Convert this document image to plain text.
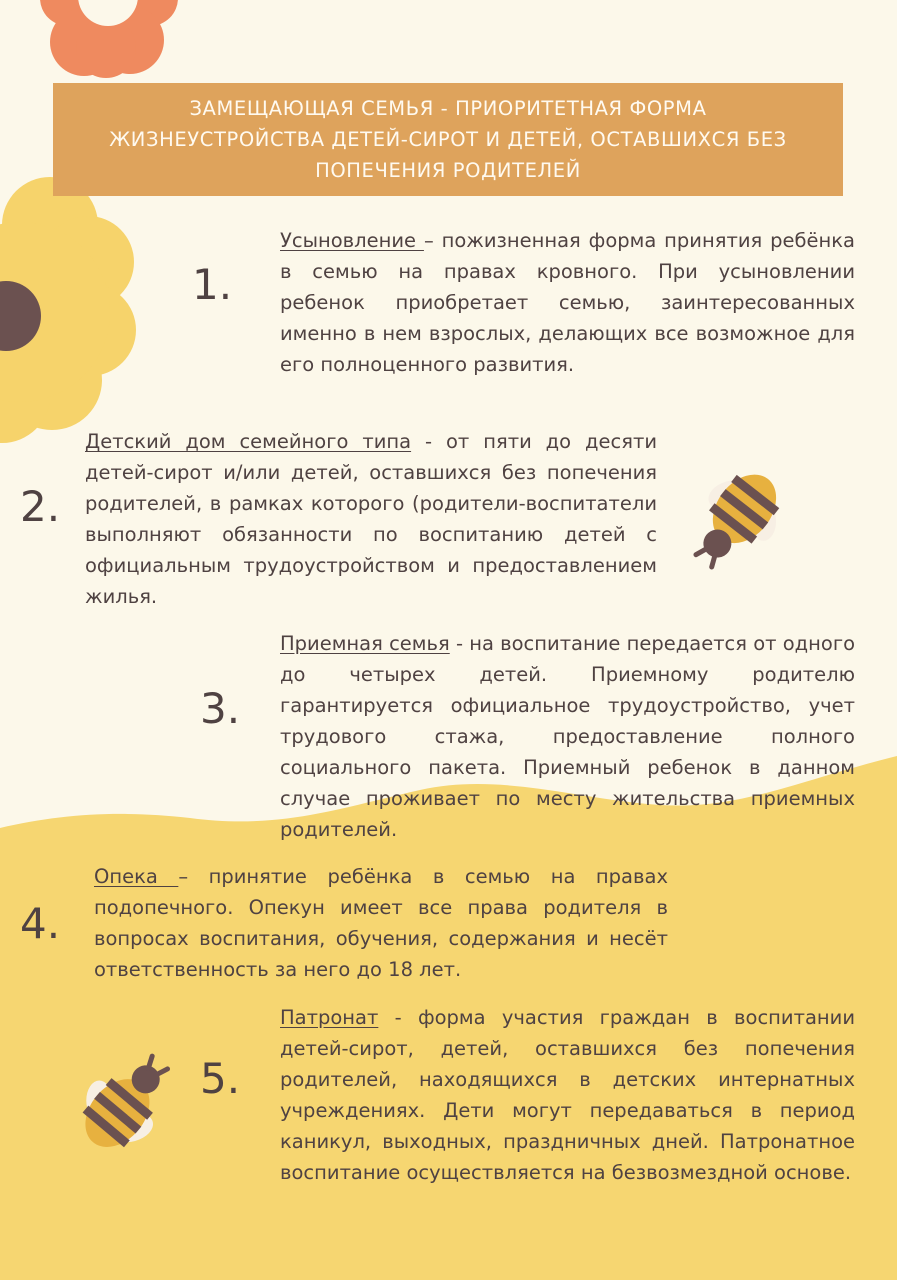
ЗАМЕЩАЮЩАЯ СЕМЬЯ - ПРИОРИТЕТНАЯ ФОРМА
ЖИЗНЕУСТРОЙСТВА ДЕТЕЙ-СИРОТ И ДЕТЕЙ, ОСТАВШИХСЯ БЕЗ
ПОПЕЧЕНИЯ РОДИТЕЛЕЙ
1.
Усыновление – пожизненная форма принятия ребёнка в семью на правах кровного. При усыновлении ребенок приобретает семью, заинтересованных именно в нем взрослых, делающих все возможное для его полноценного развития.
2.
Детский дом семейного типа - от пяти до десяти детей-сирот и/или детей, оставшихся без попечения родителей, в рамках которого (родители-воспитатели выполняют обязанности по воспитанию детей с официальным трудоустройством и предоставлением жилья.
3.
Приемная семья - на воспитание передается от одного до четырех детей. Приемному родителю гарантируется официальное трудоустройство, учет трудового стажа, предоставление полного социального пакета. Приемный ребенок в данном случае проживает по месту жительства приемных родителей.
4.
Опека – принятие ребёнка в семью на правах подопечного. Опекун имеет все права родителя в вопросах воспитания, обучения, содержания и несёт ответственность за него до 18 лет.
5.
Патронат - форма участия граждан в воспитании детей-сирот, детей, оставшихся без попечения родителей, находящихся в детских интернатных учреждениях. Дети могут передаваться в период каникул, выходных, праздничных дней. Патронатное воспитание осуществляется на безвозмездной основе.
